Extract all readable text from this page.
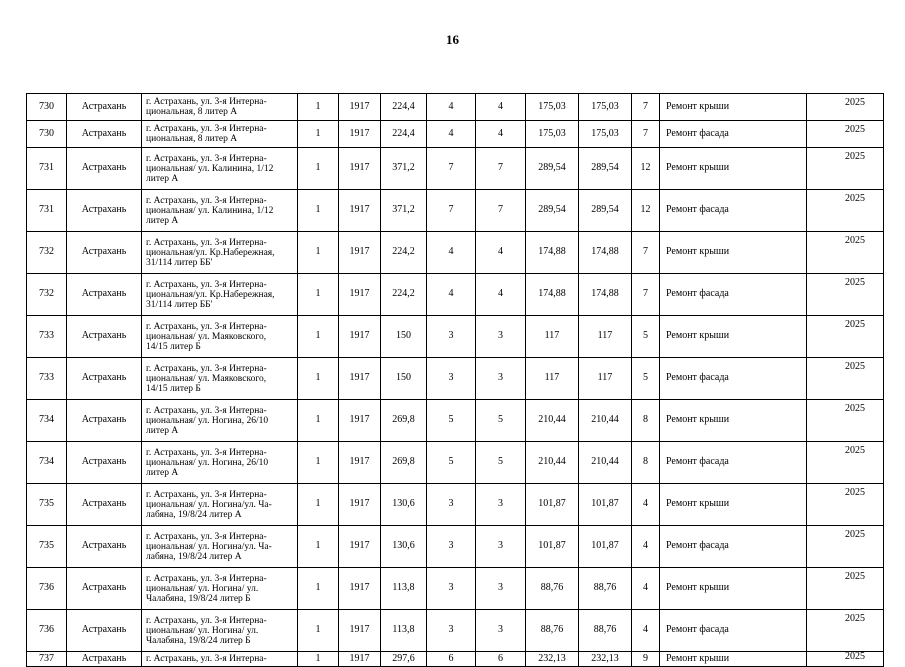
16
730	Астрахань	г. Астрахань, ул. 3-я Интерна-
циональная, 8 литер А	1	1917	224,4	4	4	175,03	175,03	7	Ремонт крыши	2025
730	Астрахань	г. Астрахань, ул. 3-я Интерна-
циональная, 8 литер А	1	1917	224,4	4	4	175,03	175,03	7	Ремонт фасада	2025
731	Астрахань	г. Астрахань, ул. 3-я Интерна-
циональная/ ул. Калинина, 1/12
литер А	1	1917	371,2	7	7	289,54	289,54	12	Ремонт крыши	2025
731	Астрахань	г. Астрахань, ул. 3-я Интерна-
циональная/ ул. Калинина, 1/12
литер А	1	1917	371,2	7	7	289,54	289,54	12	Ремонт фасада	2025
732	Астрахань	г. Астрахань, ул. 3-я Интерна-
циональная/ул. Кр.Набережная,
31/114 литер ББ'	1	1917	224,2	4	4	174,88	174,88	7	Ремонт крыши	2025
732	Астрахань	г. Астрахань, ул. 3-я Интерна-
циональная/ул. Кр.Набережная,
31/114 литер ББ'	1	1917	224,2	4	4	174,88	174,88	7	Ремонт фасада	2025
733	Астрахань	г. Астрахань, ул. 3-я Интерна-
циональная/ ул. Маяковского,
14/15 литер Б	1	1917	150	3	3	117	117	5	Ремонт крыши	2025
733	Астрахань	г. Астрахань, ул. 3-я Интерна-
циональная/ ул. Маяковского,
14/15 литер Б	1	1917	150	3	3	117	117	5	Ремонт фасада	2025
734	Астрахань	г. Астрахань, ул. 3-я Интерна-
циональная/ ул. Ногина, 26/10
литер А	1	1917	269,8	5	5	210,44	210,44	8	Ремонт крыши	2025
734	Астрахань	г. Астрахань, ул. 3-я Интерна-
циональная/ ул. Ногина, 26/10
литер А	1	1917	269,8	5	5	210,44	210,44	8	Ремонт фасада	2025
735	Астрахань	г. Астрахань, ул. 3-я Интерна-
циональная/ ул. Ногина/ул. Ча-
лабяна, 19/8/24 литер А	1	1917	130,6	3	3	101,87	101,87	4	Ремонт крыши	2025
735	Астрахань	г. Астрахань, ул. 3-я Интерна-
циональная/ ул. Ногина/ул. Ча-
лабяна, 19/8/24 литер А	1	1917	130,6	3	3	101,87	101,87	4	Ремонт фасада	2025
736	Астрахань	г. Астрахань, ул. 3-я Интерна-
циональная/ ул. Ногина/ ул.
Чалабяна, 19/8/24 литер Б	1	1917	113,8	3	3	88,76	88,76	4	Ремонт крыши	2025
736	Астрахань	г. Астрахань, ул. 3-я Интерна-
циональная/ ул. Ногина/ ул.
Чалабяна, 19/8/24 литер Б	1	1917	113,8	3	3	88,76	88,76	4	Ремонт фасада	2025
737	Астрахань	г. Астрахань, ул. 3-я Интерна-	1	1917	297,6	6	6	232,13	232,13	9	Ремонт крыши	2025
